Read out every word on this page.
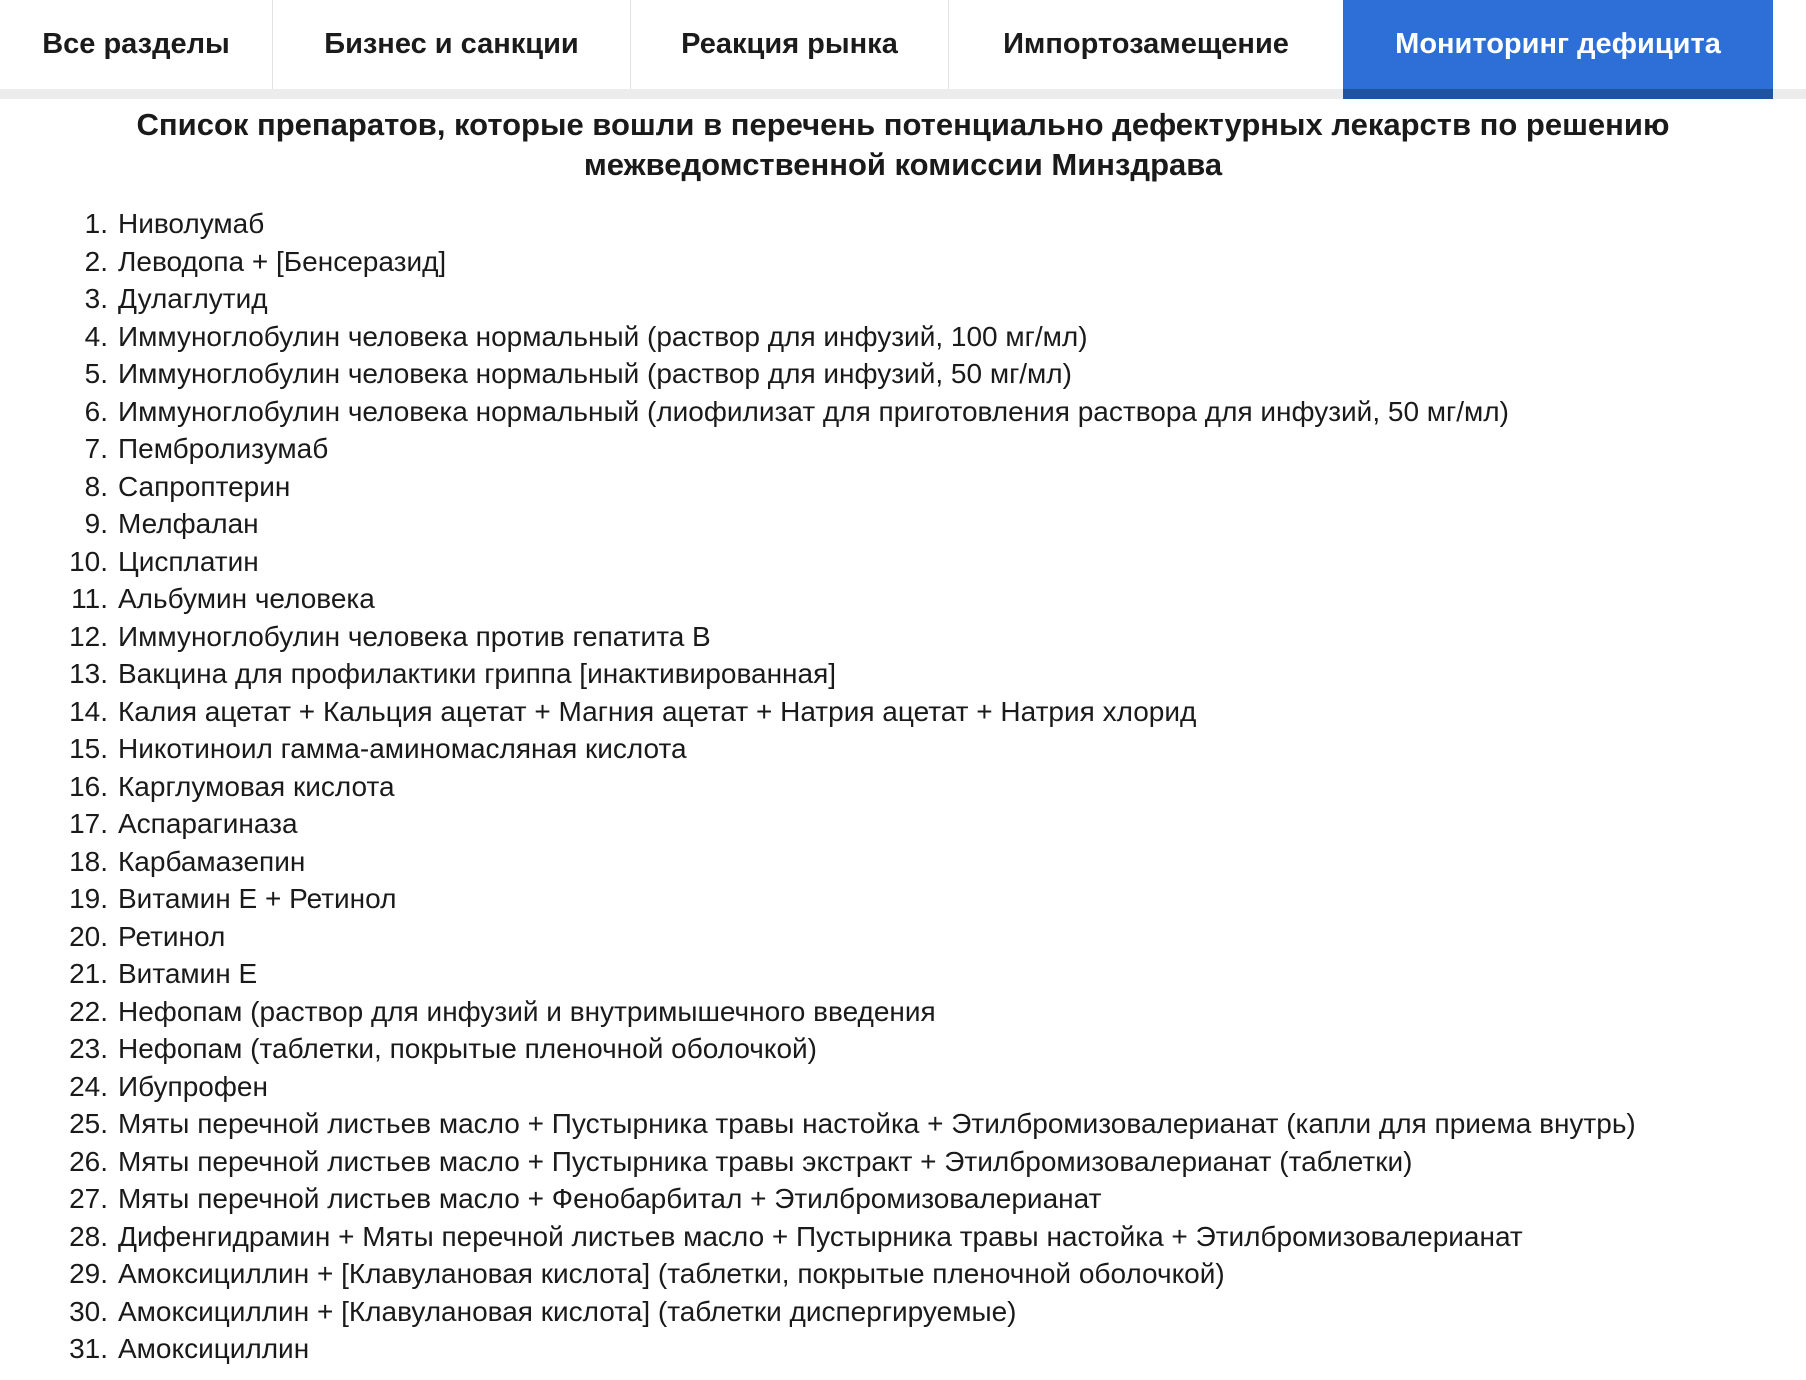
Все разделы	Бизнес и санкции	Реакция рынка	Импортозамещение	Мониторинг дефицита
Список препаратов, которые вошли в перечень потенциально дефектурных лекарств по решению
межведомственной комиссии Минздрава
Ниволумаб
Леводопа + [Бенсеразид]
Дулаглутид
Иммуноглобулин человека нормальный (раствор для инфузий, 100 мг/мл)
Иммуноглобулин человека нормальный (раствор для инфузий, 50 мг/мл)
Иммуноглобулин человека нормальный (лиофилизат для приготовления раствора для инфузий, 50 мг/мл)
Пембролизумаб
Сапроптерин
Мелфалан
Цисплатин
Альбумин человека
Иммуноглобулин человека против гепатита B
Вакцина для профилактики гриппа [инактивированная]
Калия ацетат + Кальция ацетат + Магния ацетат + Натрия ацетат + Натрия хлорид
Никотиноил гамма-аминомасляная кислота
Карглумовая кислота
Аспарагиназа
Карбамазепин
Витамин E + Ретинол
Ретинол
Витамин E
Нефопам (раствор для инфузий и внутримышечного введения
Нефопам (таблетки, покрытые пленочной оболочкой)
Ибупрофен
Мяты перечной листьев масло + Пустырника травы настойка + Этилбромизовалерианат (капли для приема внутрь)
Мяты перечной листьев масло + Пустырника травы экстракт + Этилбромизовалерианат (таблетки)
Мяты перечной листьев масло + Фенобарбитал + Этилбромизовалерианат
Дифенгидрамин + Мяты перечной листьев масло + Пустырника травы настойка + Этилбромизовалерианат
Амоксициллин + [Клавулановая кислота] (таблетки, покрытые пленочной оболочкой)
Амоксициллин + [Клавулановая кислота] (таблетки диспергируемые)
Амоксициллин
